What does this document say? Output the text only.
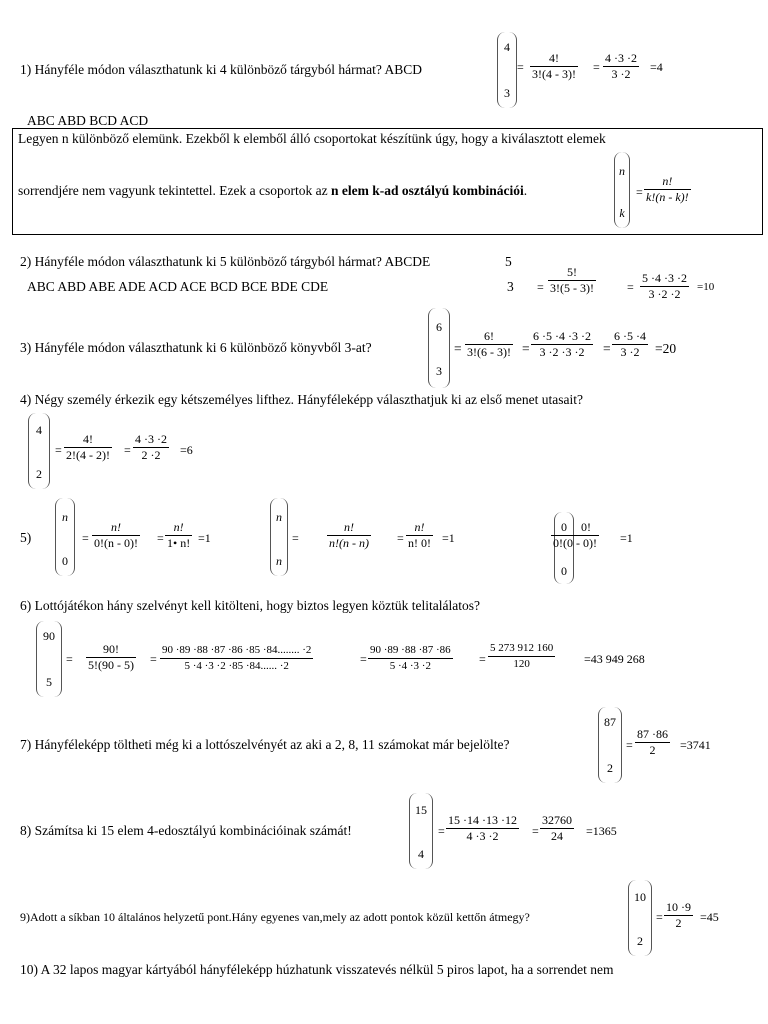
1) Hányféle módon választhatunk ki 4 különböző tárgyból hármat? ABCD
4
3
= $\frac{4!}{3!(4 - 3)!} = \frac{4 \cdot 3 \cdot 2}{3 \cdot 2} =4$
ABC ABD BCD ACD
Legyen n különböző elemünk. Ezekből k elemből álló csoportokat készítünk úgy, hogy a kiválasztott elemek
sorrendjére nem vagyunk tekintettel. Ezek a csoportok az n elem k-ad osztályú kombinációi.
n
k
= $\frac{n!}{k!(n - k)!}$
2) Hányféle módon választhatunk ki 5 különböző tárgyból hármat? ABCDE	5
3
ABC ABD ABE ADE ACD ACE BCD BCE BDE CDE	= $\frac{5!}{3!(5 - 3)!}$	= $\frac{5 \cdot 4 \cdot 3 \cdot 2}{3 \cdot 2 \cdot 2} =10$
3) Hányféle módon választhatunk ki 6 különböző könyvből 3-at?
6
3
= $\frac{6!}{3!(6 - 3)!} = \frac{6 \cdot 5 \cdot 4 \cdot 3 \cdot 2}{3 \cdot 2 \cdot 3 \cdot 2} = \frac{6 \cdot 5 \cdot 4}{3 \cdot 2} =20$
4) Négy személy érkezik egy kétszemélyes lifthez. Hányféleképp választhatjuk ki az első menet utasait?
4
2
= $\frac{4!}{2!(4 - 2)!} = \frac{4 \cdot 3 \cdot 2}{2 \cdot 2} =6$
5)
n
0
= $\frac{n!}{0!(n - 0)!} = \frac{n!}{1• n!} =1$
n
n
= $\frac{n!}{n!(n - n)} = \frac{n!}{n! 0!} =1$
0
0
$\frac{0!}{0!(0 - 0)!} =1$
6) Lottójátékon hány szelvényt kell kitölteni, hogy biztos legyen köztük telitalálatos?
90
5
= $\frac{90!}{5!(90 - 5)} = \frac{90 \cdot 89 \cdot 88 \cdot 87 \cdot 86 \cdot 85 \cdot 84........ \cdot 2}{5 \cdot 4 \cdot 3 \cdot 2 \cdot 85 \cdot 84...... \cdot 2}$	= $\frac{90 \cdot 89 \cdot 88 \cdot 87 \cdot 86}{5 \cdot 4 \cdot 3 \cdot 2} = \frac{5 273 912 160}{120} =43$ 949 268
7) Hányféleképp töltheti még ki a lottószelvényét az aki a 2, 8, 11 számokat már bejelölte?
87
2
= $\frac{87 \cdot 86}{2} =3741$
8) Számítsa ki 15 elem 4-edosztályú kombinációinak számát!
15
4
= $\frac{15 \cdot 14 \cdot 13 \cdot 12}{4 \cdot 3 \cdot 2} = \frac{32760}{24} =1365$
9)Adott a síkban 10 általános helyzetű pont.Hány egyenes van,mely az adott pontok közül kettőn átmegy?
10
2
= $\frac{10 \cdot 9}{2} =45$
10) A 32 lapos magyar kártyából hányféleképp húzhatunk visszatevés nélkül 5 piros lapot, ha a sorrendet nem
